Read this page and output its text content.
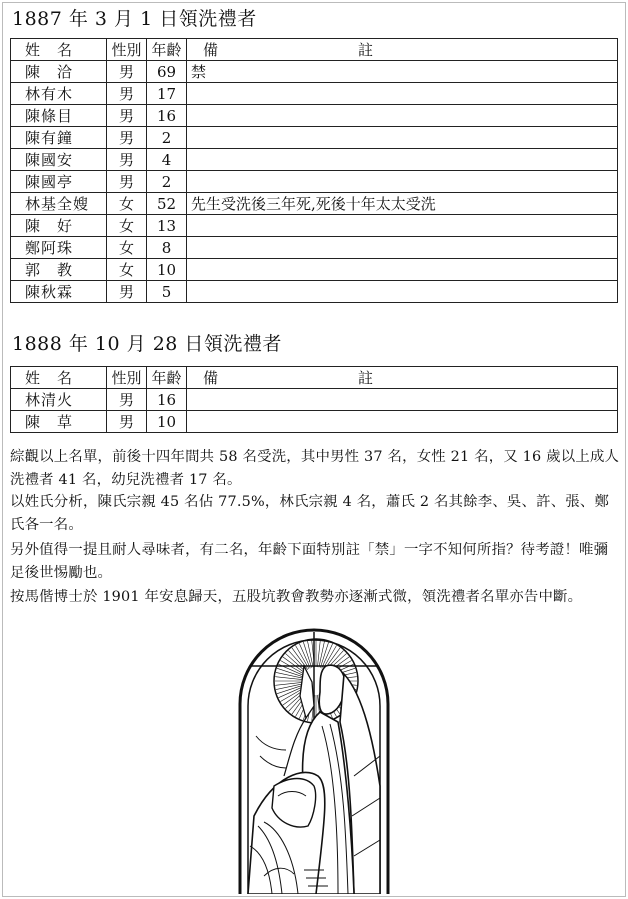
1887 年 3 月 1 日領洗禮者
姓　名	性別	年齡	備 註

陳　洽	男	69	禁
林有木	男	17	
陳條目	男	16	
陳有鐘	男	2	
陳國安	男	4	
陳國亭	男	2	
林基全嫂	女	52	先生受洗後三年死,死後十年太太受洗
陳　好	女	13	
鄭阿珠	女	8	
郭　教	女	10	
陳秋霖	男	5	
1888 年 10 月 28 日領洗禮者
姓　名	性別	年齡	備 註

林清火	男	16	
陳　草	男	10	

綜觀以上名單，前後十四年間共 58 名受洗，其中男性 37 名，女性 21 名，又 16 歲以上成人洗禮者 41 名，幼兒洗禮者 17 名。

以姓氏分析，陳氏宗親 45 名佔 77.5%，林氏宗親 4 名，蕭氏 2 名其餘李、吳、許、張、鄭氏各一名。

另外值得一提且耐人尋味者，有二名，年齡下面特別註「禁」一字不知何所指？待考證！唯彌足後世惕勵也。

按馬偕博士於 1901 年安息歸天，五股坑教會教勢亦逐漸式微，領洗禮者名單亦告中斷。
